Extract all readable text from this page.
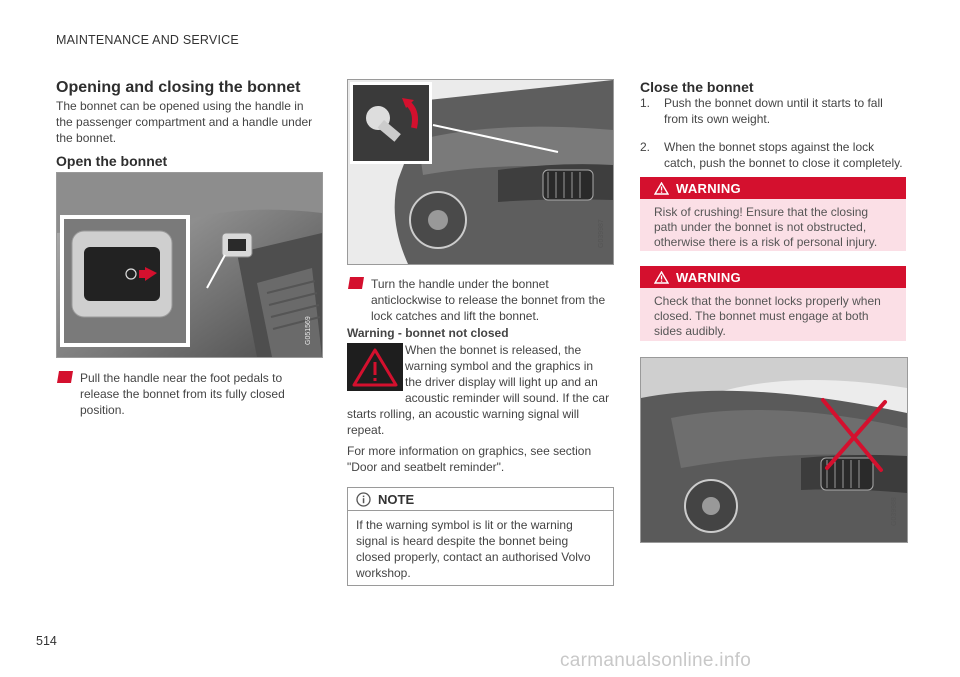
MAINTENANCE AND SERVICE
Opening and closing the bonnet
The bonnet can be opened using the handle in the passenger compartment and a handle under the bonnet.
Open the bonnet
G051569
Pull the handle near the foot pedals to release the bonnet from its fully closed position.
G039987
Turn the handle under the bonnet anticlockwise to release the bonnet from the lock catches and lift the bonnet.
Warning - bonnet not closed
When the bonnet is released, the warning symbol and the graphics in the driver display will light up and an acoustic reminder will sound. If the car starts rolling, an acoustic warning signal will repeat.
For more information on graphics, see section "Door and seatbelt reminder".
NOTE
If the warning symbol is lit or the warning signal is heard despite the bonnet being closed properly, contact an authorised Volvo workshop.
Close the bonnet
1.	Push the bonnet down until it starts to fall from its own weight.
2.	When the bonnet stops against the lock catch, push the bonnet to close it completely.
WARNING
Risk of crushing! Ensure that the closing path under the bonnet is not obstructed, otherwise there is a risk of personal injury.
WARNING
Check that the bonnet locks properly when closed. The bonnet must engage at both sides audibly.
G039988
514
carmanualsonline.info
